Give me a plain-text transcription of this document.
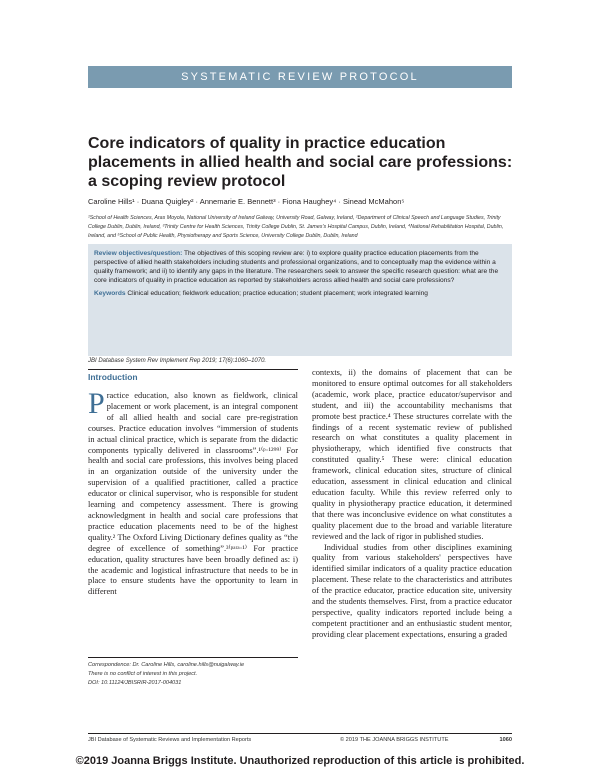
SYSTEMATIC REVIEW PROTOCOL
Core indicators of quality in practice education placements in allied health and social care professions: a scoping review protocol
Caroline Hills¹ · Duana Quigley² · Annemarie E. Bennett³ · Fiona Haughey⁴ · Sinead McMahon⁵
¹School of Health Sciences, Aras Moyola, National University of Ireland Galway, University Road, Galway, Ireland, ²Department of Clinical Speech and Language Studies, Trinity College Dublin, Dublin, Ireland, ³Trinity Centre for Health Sciences, Trinity College Dublin, St. James's Hospital Campus, Dublin, Ireland, ⁴National Rehabilitation Hospital, Dublin, Ireland, and ⁵School of Public Health, Physiotherapy and Sports Science, University College Dublin, Dublin, Ireland
Review objectives/question: The objectives of this scoping review are: i) to explore quality practice education placements from the perspective of allied health stakeholders including students and professional organizations, and to conceptually map the evidence within a quality framework; and ii) to identify any gaps in the literature. The researchers seek to answer the specific research question: what are the core indicators of quality in practice education as reported by stakeholders across allied health and social care professions?
Keywords Clinical education; fieldwork education; practice education; student placement; work integrated learning
JBI Database System Rev Implement Rep 2019; 17(6):1060–1070.
Introduction
P ractice education, also known as fieldwork, clinical placement or work placement, is an integral component of all allied health and social care pre-registration courses. Practice education involves “immersion of students in actual clinical practice, which is separate from the didactic components typically delivered in classrooms”.¹⁽ᵖ·¹²⁹⁹⁾ For health and social care professions, this involves being placed in an organization outside of the university under the supervision of a qualified practitioner, called a practice educator or clinical supervisor, who is responsible for student learning and competency assessment. There is growing acknowledgment in health and social care professions that practice education placements need to be of the highest quality.² The Oxford Living Dictionary defines quality as “the degree of excellence of something”.³⁽ᵖᵃʳᵃ·¹⁾ For practice education, quality structures have been broadly defined as: i) the academic and logistical infrastructure that needs to be in place to ensure students have the opportunity to learn in different
contexts, ii) the domains of placement that can be monitored to ensure optimal outcomes for all stakeholders (academic, work place, practice educator/supervisor and student, and iii) the accountability mechanisms that promote best practice.⁴ These structures correlate with the findings of a recent systematic review of published research on what constitutes a quality placement in physiotherapy, which identified five constructs that constituted quality.⁵ These were: clinical education framework, clinical education sites, structure of clinical education, assessment in clinical education and clinical education faculty. While this review referred only to quality in physiotherapy practice education, it determined that there was inconclusive evidence on what constitutes a quality placement due to the broad and variable literature reviewed and the lack of rigor in published studies.
Individual studies from other disciplines examining quality from various stakeholders' perspectives have identified similar indicators of a quality practice education placement. These relate to the characteristics and attributes of the practice educator, practice education site, university and the students themselves. First, from a practice educator perspective, quality indicators reported include being a competent practitioner and an enthusiastic student mentor, providing clear placement expectations, ensuring a graded
Correspondence: Dr. Caroline Hills, caroline.hills@nuigalway.ie
There is no conflict of interest in this project.
DOI: 10.11124/JBISRIR-2017-004031
JBI Database of Systematic Reviews and Implementation Reports	© 2019 THE JOANNA BRIGGS INSTITUTE	1060
©2019 Joanna Briggs Institute. Unauthorized reproduction of this article is prohibited.
